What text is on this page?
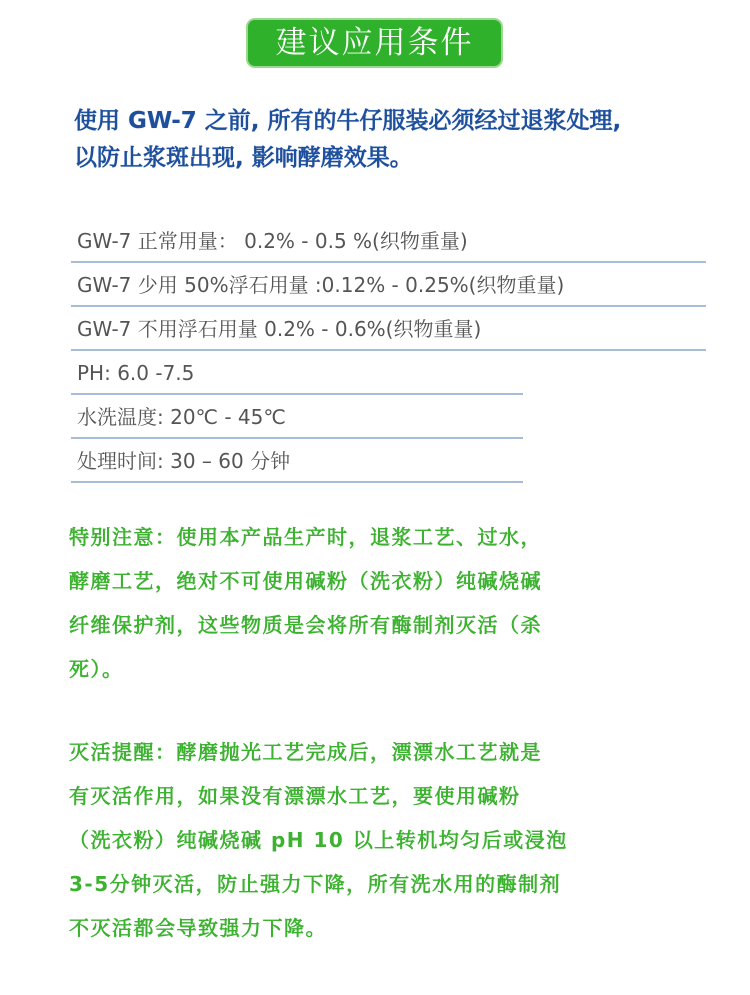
建议应用条件
使用 GW-7 之前, 所有的牛仔服装必须经过退浆处理,
以防止浆斑出现, 影响酵磨效果。
GW-7 正常用量： 0.2% - 0.5 %(织物重量)
GW-7 少用 50%浮石用量 :0.12% - 0.25%(织物重量)
GW-7 不用浮石用量 0.2% - 0.6%(织物重量)
PH: 6.0 -7.5
水洗温度: 20℃ - 45℃
处理时间: 30 – 60 分钟
特别注意：使用本产品生产时，退浆工艺、过水，
酵磨工艺，绝对不可使用碱粉（洗衣粉）纯碱烧碱
纤维保护剂，这些物质是会将所有酶制剂灭活（杀
死）。
灭活提醒：酵磨抛光工艺完成后，漂漂水工艺就是
有灭活作用，如果没有漂漂水工艺，要使用碱粉
（洗衣粉）纯碱烧碱 pH 10 以上转机均匀后或浸泡
3-5分钟灭活，防止强力下降，所有洗水用的酶制剂
不灭活都会导致强力下降。
